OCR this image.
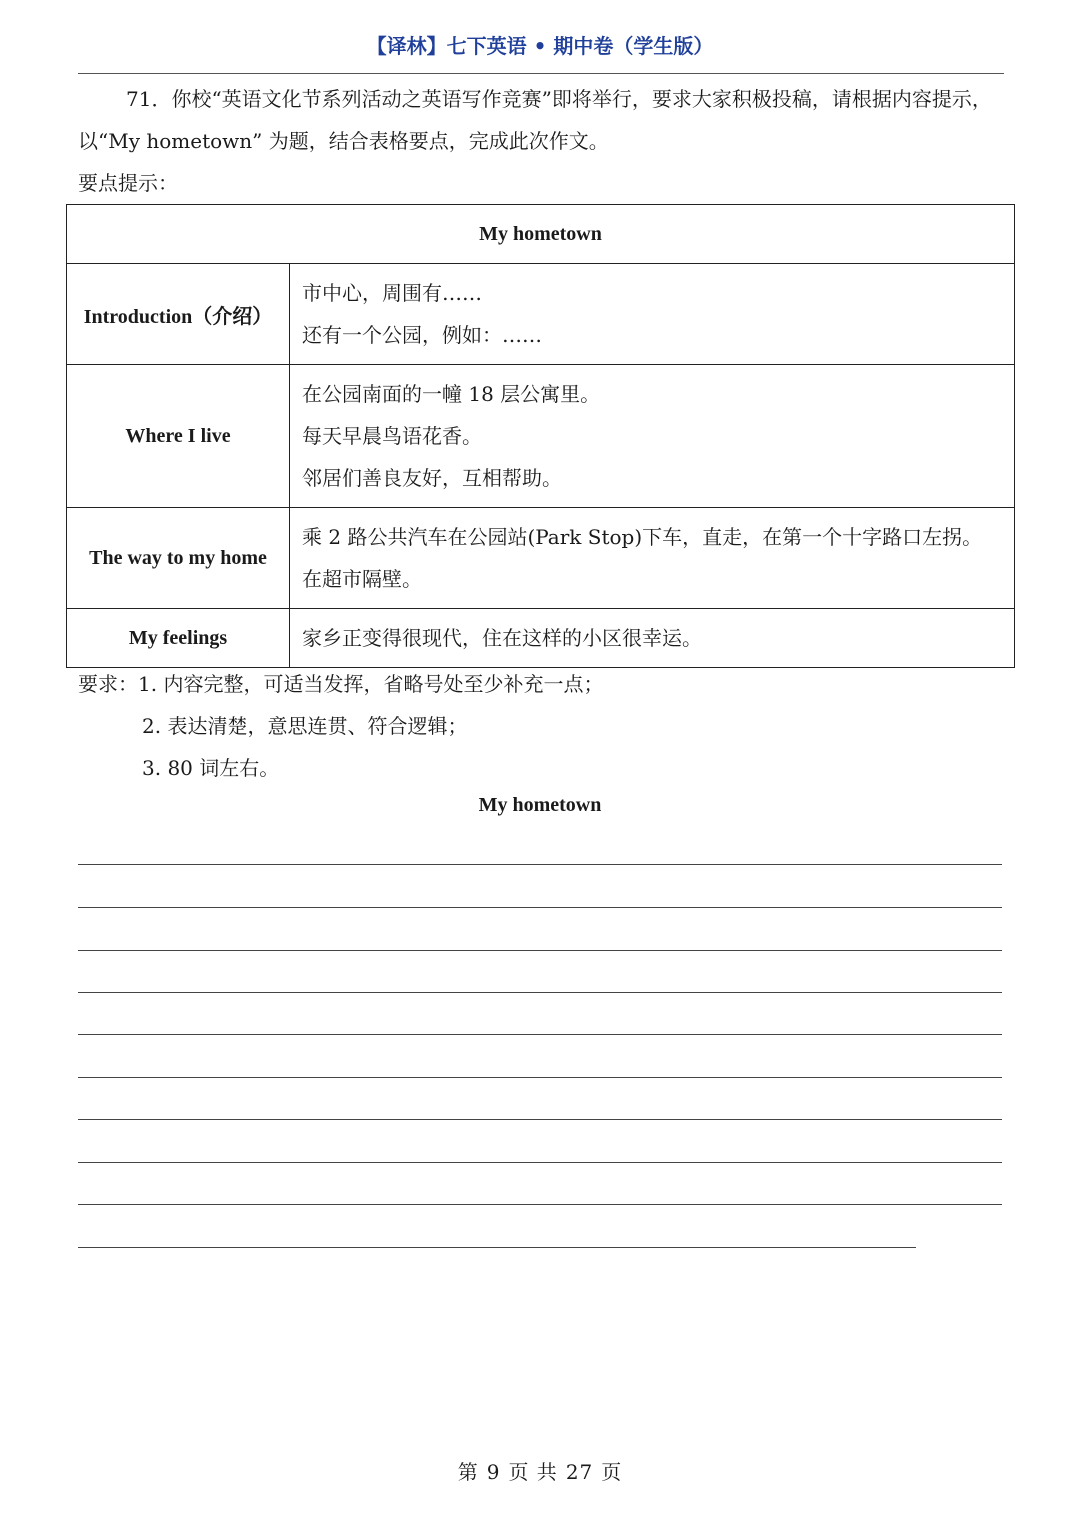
【译林】七下英语 • 期中卷（学生版）
71．你校“英语文化节系列活动之英语写作竞赛”即将举行，要求大家积极投稿，请根据内容提示，以“My hometown” 为题，结合表格要点，完成此次作文。
要点提示：
My hometown	
Introduction（介绍）	市中心，周围有……
还有一个公园，例如：……

Where I live	在公园南面的一幢 18 层公寓里。
每天早晨鸟语花香。
邻居们善良友好，互相帮助。

The way to my home	乘 2 路公共汽车在公园站(Park Stop)下车，直走，在第一个十字路口左拐。
在超市隔壁。

My feelings	家乡正变得很现代，住在这样的小区很幸运。
要求：1. 内容完整，可适当发挥，省略号处至少补充一点；
2. 表达清楚，意思连贯、符合逻辑；
3. 80 词左右。
My hometown
第 9 页 共 27 页
